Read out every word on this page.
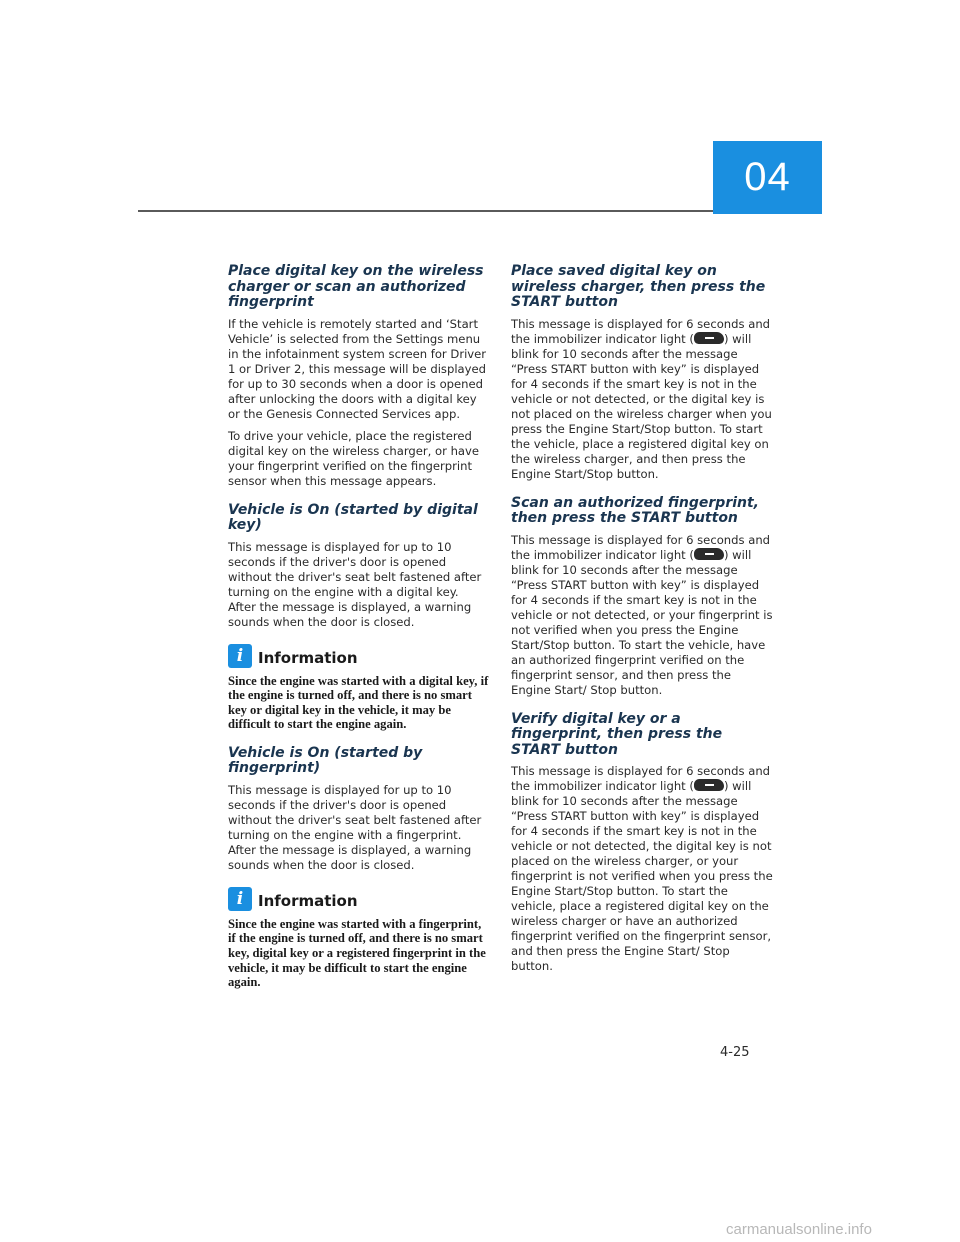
04
Place digital key on the wireless charger or scan an authorized fingerprint

If the vehicle is remotely started and ‘Start Vehicle’ is selected from the Settings menu in the infotainment system screen for Driver 1 or Driver 2, this message will be displayed for up to 30 seconds when a door is opened after unlocking the doors with a digital key or the Genesis Connected Services app.

To drive your vehicle, place the registered digital key on the wireless charger, or have your fingerprint verified on the fingerprint sensor when this message appears.

Vehicle is On (started by digital key)

This message is displayed for up to 10 seconds if the driver's door is opened without the driver's seat belt fastened after turning on the engine with a digital key. After the message is displayed, a warning sounds when the door is closed.

i Information

Since the engine was started with a digital key, if the engine is turned off, and there is no smart key or digital key in the vehicle, it may be difficult to start the engine again.

Vehicle is On (started by fingerprint)

This message is displayed for up to 10 seconds if the driver's door is opened without the driver's seat belt fastened after turning on the engine with a fingerprint. After the message is displayed, a warning sounds when the door is closed.

i Information

Since the engine was started with a fingerprint, if the engine is turned off, and there is no smart key, digital key or a registered fingerprint in the vehicle, it may be difficult to start the engine again.

Place saved digital key on wireless charger, then press the START button

This message is displayed for 6 seconds and the immobilizer indicator light (	) will blink for 10 seconds after the message “Press START button with key” is displayed for 4 seconds if the smart key is not in the vehicle or not detected, or the digital key is not placed on the wireless charger when you press the Engine Start/Stop button. To start the vehicle, place a registered digital key on the wireless charger, and then press the Engine Start/Stop button.

Scan an authorized fingerprint, then press the START button

This message is displayed for 6 seconds and the immobilizer indicator light (	) will blink for 10 seconds after the message “Press START button with key” is displayed for 4 seconds if the smart key is not in the vehicle or not detected, or your fingerprint is not verified when you press the Engine Start/Stop button. To start the vehicle, have an authorized fingerprint verified on the fingerprint sensor, and then press the Engine Start/ Stop button.

Verify digital key or a fingerprint, then press the START button

This message is displayed for 6 seconds and the immobilizer indicator light (	) will blink for 10 seconds after the message “Press START button with key” is displayed for 4 seconds if the smart key is not in the vehicle or not detected, the digital key is not placed on the wireless charger, or your fingerprint is not verified when you press the Engine Start/Stop button. To start the vehicle, place a registered digital key on the wireless charger or have an authorized fingerprint verified on the fingerprint sensor, and then press the Engine Start/ Stop button.

4-25
carmanualsonline.info
